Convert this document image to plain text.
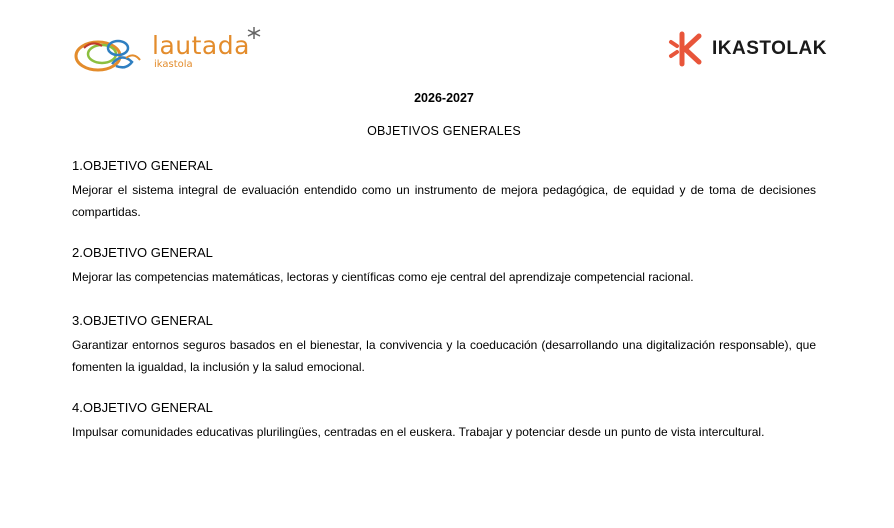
lautada
ikastola
IKASTOLAK
2026-2027
OBJETIVOS GENERALES
1.OBJETIVO GENERAL
Mejorar el sistema integral de evaluación entendido como un instrumento de mejora pedagógica, de equidad y de toma de decisiones compartidas.
2.OBJETIVO GENERAL
Mejorar las competencias matemáticas, lectoras y científicas como eje central del aprendizaje competencial racional.
3.OBJETIVO GENERAL
Garantizar entornos seguros basados en el bienestar, la convivencia y la coeducación (desarrollando una digitalización responsable), que fomenten la igualdad, la inclusión y la salud emocional.
4.OBJETIVO GENERAL
Impulsar comunidades educativas plurilingües, centradas en el euskera. Trabajar y potenciar desde un punto de vista intercultural.
